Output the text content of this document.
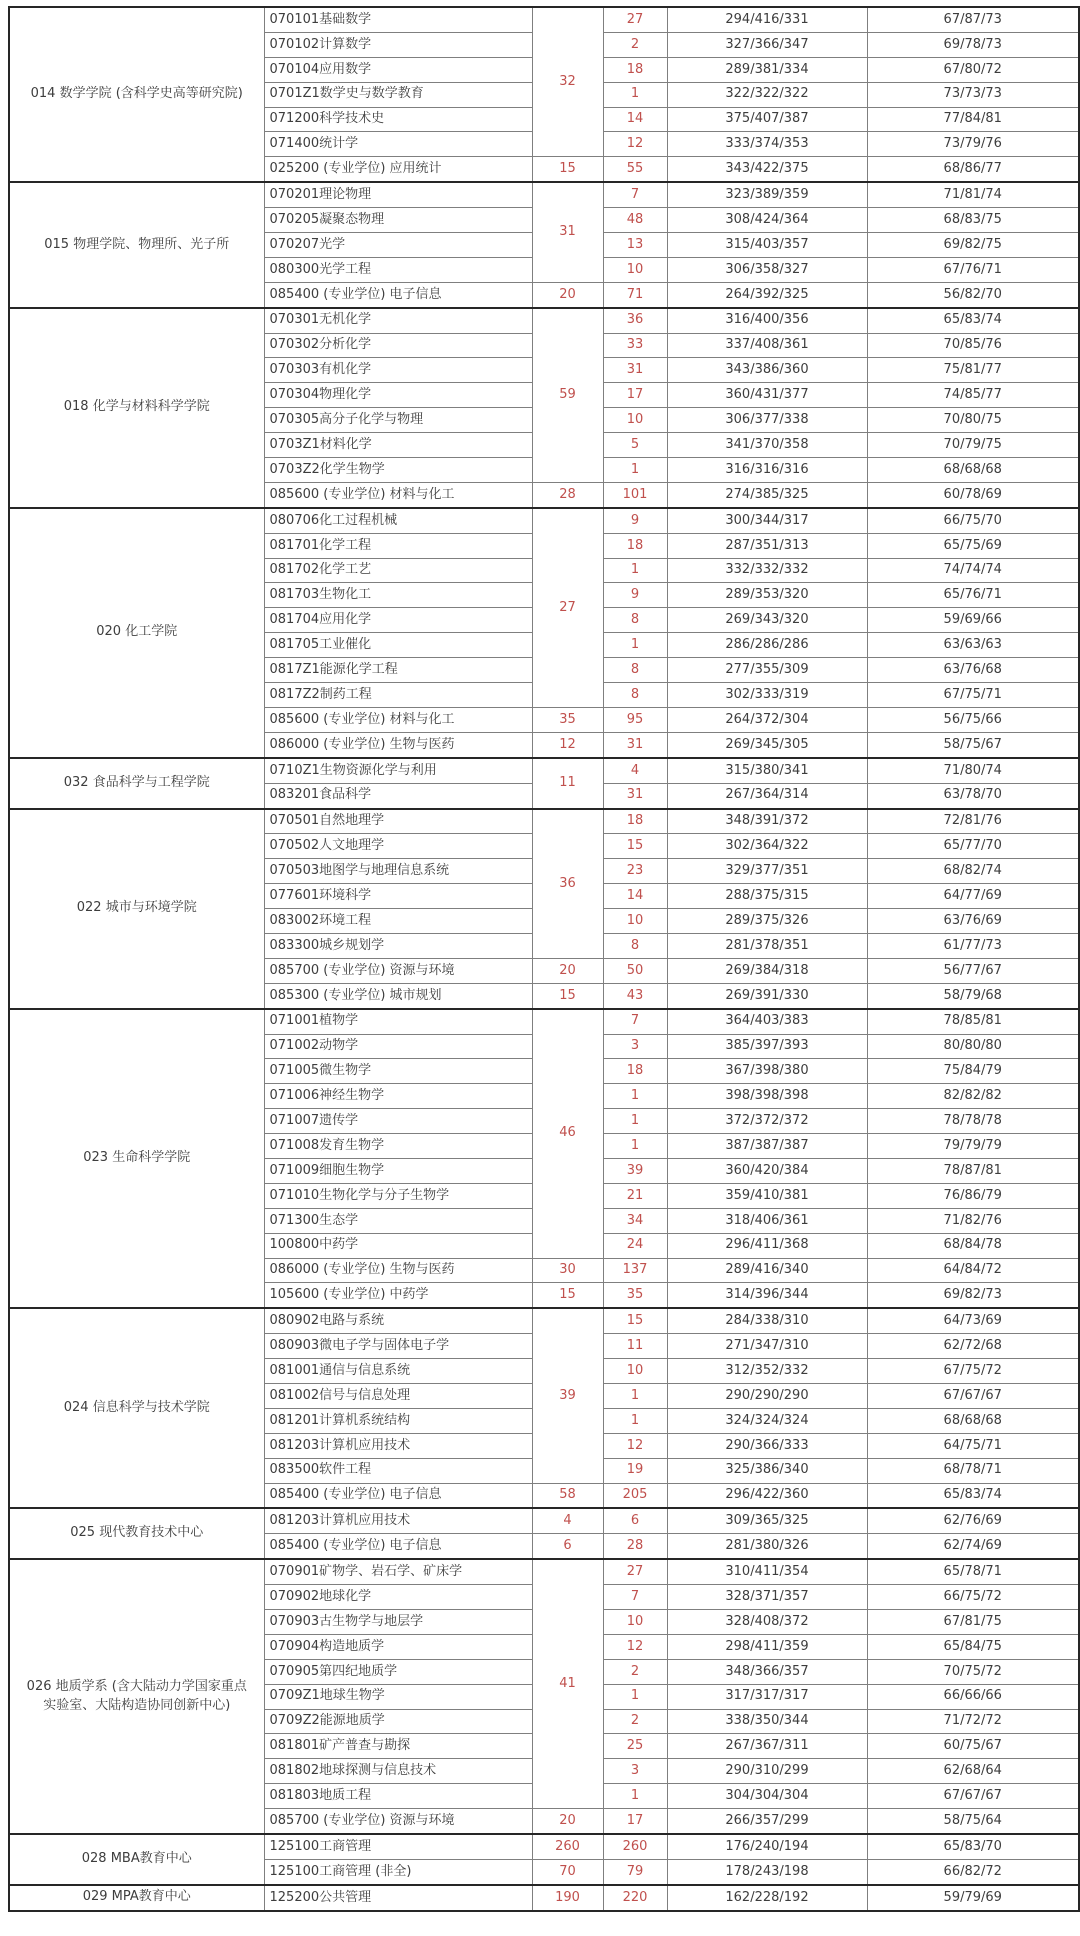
014 数学学院 (含科学史高等研究院)	070101基础数学	32	27	294/416/331	67/87/73
	070102计算数学		2	327/366/347	69/78/73
	070104应用数学		18	289/381/334	67/80/72
	0701Z1数学史与数学教育		1	322/322/322	73/73/73
	071200科学技术史		14	375/407/387	77/84/81
	071400统计学		12	333/374/353	73/79/76
	025200 (专业学位) 应用统计	15	55	343/422/375	68/86/77
015 物理学院、物理所、光子所	070201理论物理	31	7	323/389/359	71/81/74
	070205凝聚态物理		48	308/424/364	68/83/75
	070207光学		13	315/403/357	69/82/75
	080300光学工程		10	306/358/327	67/76/71
	085400 (专业学位) 电子信息	20	71	264/392/325	56/82/70
018 化学与材料科学学院	070301无机化学	59	36	316/400/356	65/83/74
	070302分析化学		33	337/408/361	70/85/76
	070303有机化学		31	343/386/360	75/81/77
	070304物理化学		17	360/431/377	74/85/77
	070305高分子化学与物理		10	306/377/338	70/80/75
	0703Z1材料化学		5	341/370/358	70/79/75
	0703Z2化学生物学		1	316/316/316	68/68/68
	085600 (专业学位) 材料与化工	28	101	274/385/325	60/78/69
020 化工学院	080706化工过程机械	27	9	300/344/317	66/75/70
	081701化学工程		18	287/351/313	65/75/69
	081702化学工艺		1	332/332/332	74/74/74
	081703生物化工		9	289/353/320	65/76/71
	081704应用化学		8	269/343/320	59/69/66
	081705工业催化		1	286/286/286	63/63/63
	0817Z1能源化学工程		8	277/355/309	63/76/68
	0817Z2制药工程		8	302/333/319	67/75/71
	085600 (专业学位) 材料与化工	35	95	264/372/304	56/75/66
	086000 (专业学位) 生物与医药	12	31	269/345/305	58/75/67
032 食品科学与工程学院	0710Z1生物资源化学与利用	11	4	315/380/341	71/80/74
	083201食品科学		31	267/364/314	63/78/70
022 城市与环境学院	070501自然地理学	36	18	348/391/372	72/81/76
	070502人文地理学		15	302/364/322	65/77/70
	070503地图学与地理信息系统		23	329/377/351	68/82/74
	077601环境科学		14	288/375/315	64/77/69
	083002环境工程		10	289/375/326	63/76/69
	083300城乡规划学		8	281/378/351	61/77/73
	085700 (专业学位) 资源与环境	20	50	269/384/318	56/77/67
	085300 (专业学位) 城市规划	15	43	269/391/330	58/79/68
023 生命科学学院	071001植物学	46	7	364/403/383	78/85/81
	071002动物学		3	385/397/393	80/80/80
	071005微生物学		18	367/398/380	75/84/79
	071006神经生物学		1	398/398/398	82/82/82
	071007遗传学		1	372/372/372	78/78/78
	071008发育生物学		1	387/387/387	79/79/79
	071009细胞生物学		39	360/420/384	78/87/81
	071010生物化学与分子生物学		21	359/410/381	76/86/79
	071300生态学		34	318/406/361	71/82/76
	100800中药学		24	296/411/368	68/84/78
	086000 (专业学位) 生物与医药	30	137	289/416/340	64/84/72
	105600 (专业学位) 中药学	15	35	314/396/344	69/82/73
024 信息科学与技术学院	080902电路与系统	39	15	284/338/310	64/73/69
	080903微电子学与固体电子学		11	271/347/310	62/72/68
	081001通信与信息系统		10	312/352/332	67/75/72
	081002信号与信息处理		1	290/290/290	67/67/67
	081201计算机系统结构		1	324/324/324	68/68/68
	081203计算机应用技术		12	290/366/333	64/75/71
	083500软件工程		19	325/386/340	68/78/71
	085400 (专业学位) 电子信息	58	205	296/422/360	65/83/74
025 现代教育技术中心	081203计算机应用技术	4	6	309/365/325	62/76/69
	085400 (专业学位) 电子信息	6	28	281/380/326	62/74/69
026 地质学系 (含大陆动力学国家重点实验室、大陆构造协同创新中心)	070901矿物学、岩石学、矿床学	41	27	310/411/354	65/78/71
	070902地球化学		7	328/371/357	66/75/72
	070903古生物学与地层学		10	328/408/372	67/81/75
	070904构造地质学		12	298/411/359	65/84/75
	070905第四纪地质学		2	348/366/357	70/75/72
	0709Z1地球生物学		1	317/317/317	66/66/66
	0709Z2能源地质学		2	338/350/344	71/72/72
	081801矿产普查与勘探		25	267/367/311	60/75/67
	081802地球探测与信息技术		3	290/310/299	62/68/64
	081803地质工程		1	304/304/304	67/67/67
	085700 (专业学位) 资源与环境	20	17	266/357/299	58/75/64
028 MBA教育中心	125100工商管理	260	260	176/240/194	65/83/70
	125100工商管理 (非全)	70	79	178/243/198	66/82/72
029 MPA教育中心	125200公共管理	190	220	162/228/192	59/79/69
